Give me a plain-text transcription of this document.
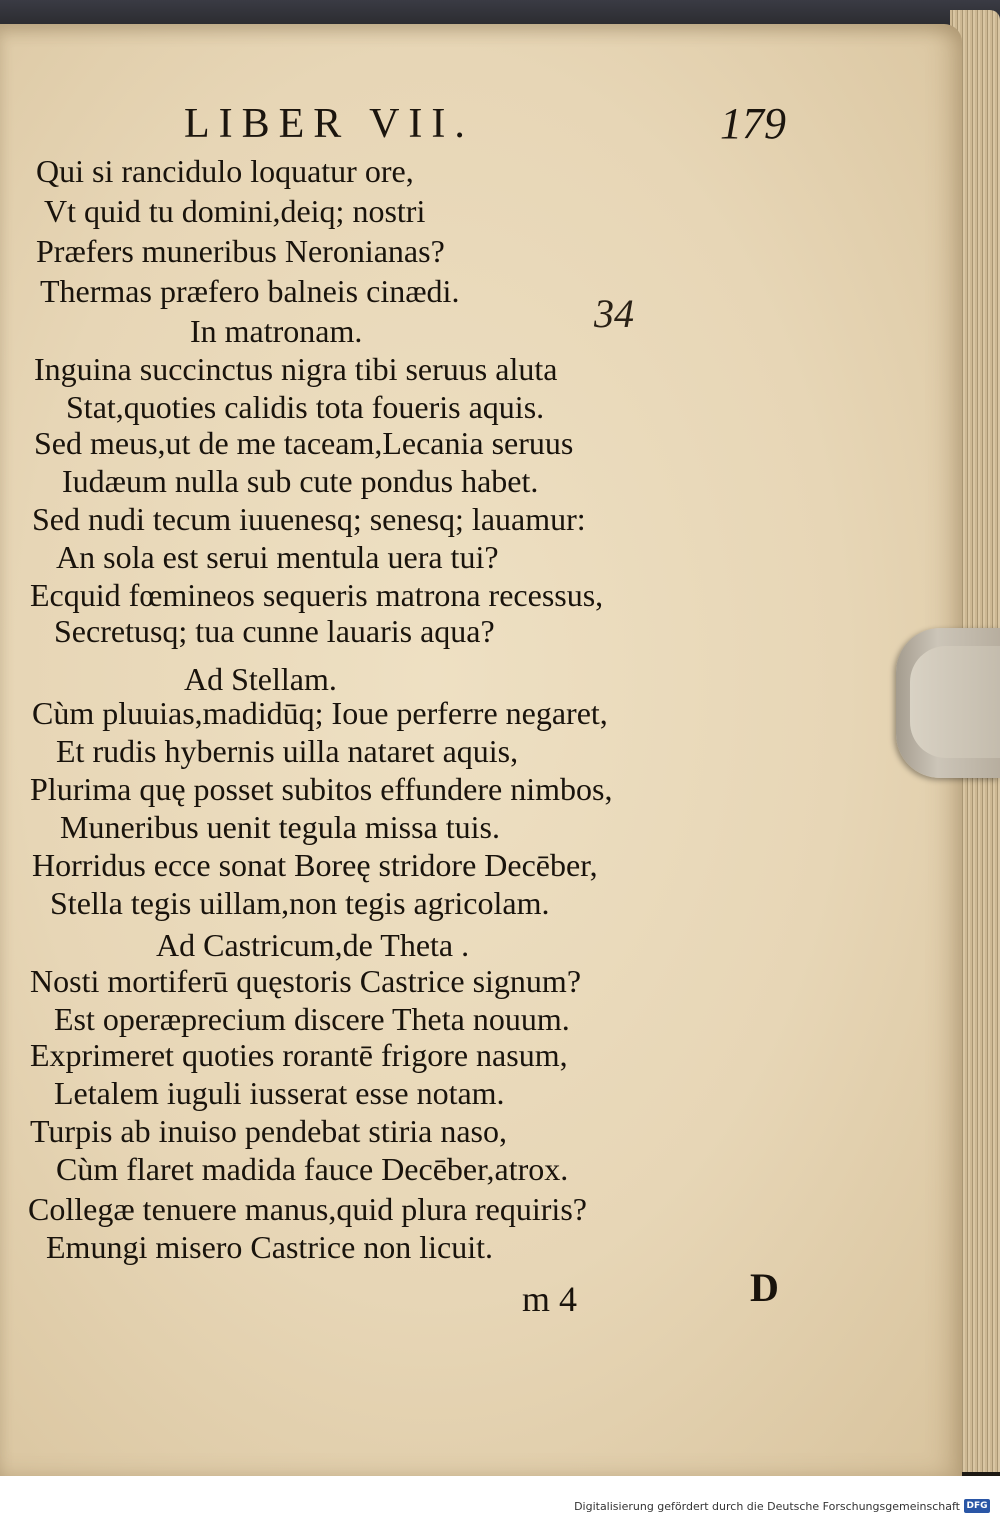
LIBER VII.	179
34
Qui si rancidulo loquatur ore,
Vt quid tu domini,deiq; nostri
Præfers muneribus Neronianas?
Thermas præfero balneis cinædi.
In matronam.
Inguina succinctus nigra tibi seruus aluta
Stat,quoties calidis tota foueris aquis.
Sed meus,ut de me taceam,Lecania seruus
Iudæum nulla sub cute pondus habet.
Sed nudi tecum iuuenesq; senesq; lauamur:
An sola est serui mentula uera tui?
Ecquid fœmineos sequeris matrona recessus,
Secretusq; tua cunne lauaris aqua?
Ad Stellam.
Cùm pluuias,madidūq; Ioue perferre negaret,
Et rudis hybernis uilla nataret aquis,
Plurima quę posset subitos effundere nimbos,
Muneribus uenit tegula missa tuis.
Horridus ecce sonat Boreę stridore Decēber,
Stella tegis uillam,non tegis agricolam.
Ad Castricum,de Theta .
Nosti mortiferū quęstoris Castrice signum?
Est operæprecium discere Theta nouum.
Exprimeret quoties rorantē frigore nasum,
Letalem iuguli iusserat esse notam.
Turpis ab inuiso pendebat stiria naso,
Cùm flaret madida fauce Decēber,atrox.
Collegæ tenuere manus,quid plura requiris?
Emungi misero Castrice non licuit.
m 4	D
Digitalisierung gefördert durch die Deutsche Forschungsgemeinschaft DFG
